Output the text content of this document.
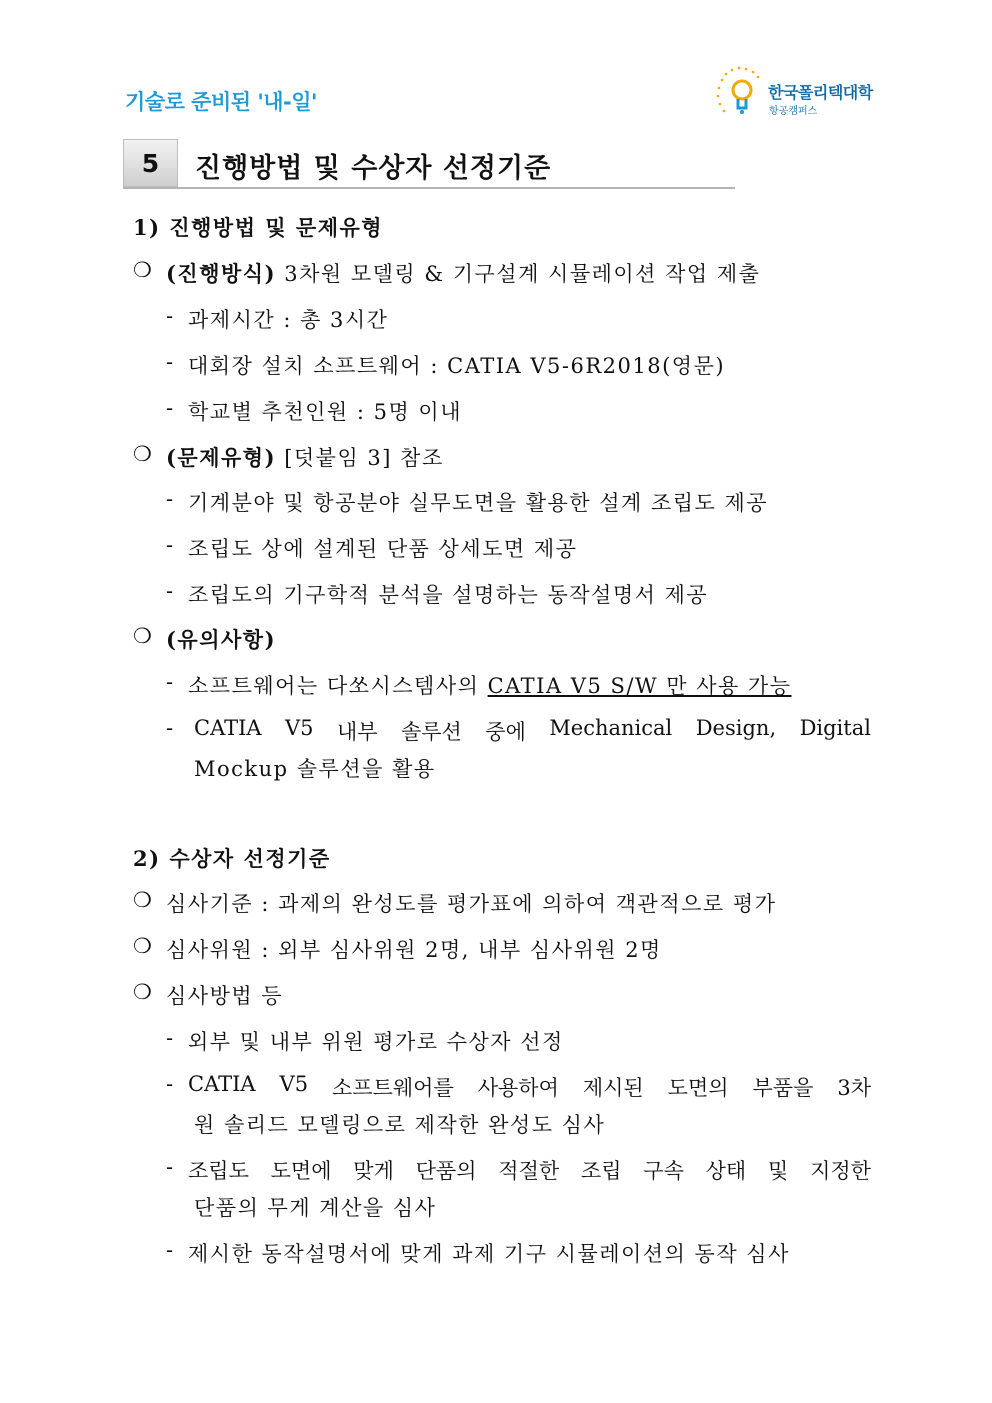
기술로 준비된 '내-일'	한국폴리텍대학
항공캠퍼스
5	진행방법 및 수상자 선정기준
1) 진행방법 및 문제유형
❍ (진행방식) 3차원 모델링 & 기구설계 시뮬레이션 작업 제출
- 과제시간 : 총 3시간
- 대회장 설치 소프트웨어 : CATIA V5-6R2018(영문)
- 학교별 추천인원 : 5명 이내
❍ (문제유형) [덧붙임 3] 참조
- 기계분야 및 항공분야 실무도면을 활용한 설계 조립도 제공
- 조립도 상에 설계된 단품 상세도면 제공
- 조립도의 기구학적 분석을 설명하는 동작설명서 제공
❍ (유의사항)
- 소프트웨어는 다쏘시스템사의 CATIA V5 S/W 만 사용 가능
- CATIA V5 내부 솔루션 중에 Mechanical Design, Digital
Mockup 솔루션을 활용
2) 수상자 선정기준
❍ 심사기준 : 과제의 완성도를 평가표에 의하여 객관적으로 평가
❍ 심사위원 : 외부 심사위원 2명, 내부 심사위원 2명
❍ 심사방법 등
- 외부 및 내부 위원 평가로 수상자 선정
- CATIA V5 소프트웨어를 사용하여 제시된 도면의 부품을 3차
원 솔리드 모델링으로 제작한 완성도 심사
- 조립도 도면에 맞게 단품의 적절한 조립 구속 상태 및 지정한
단품의 무게 계산을 심사
- 제시한 동작설명서에 맞게 과제 기구 시뮬레이션의 동작 심사
